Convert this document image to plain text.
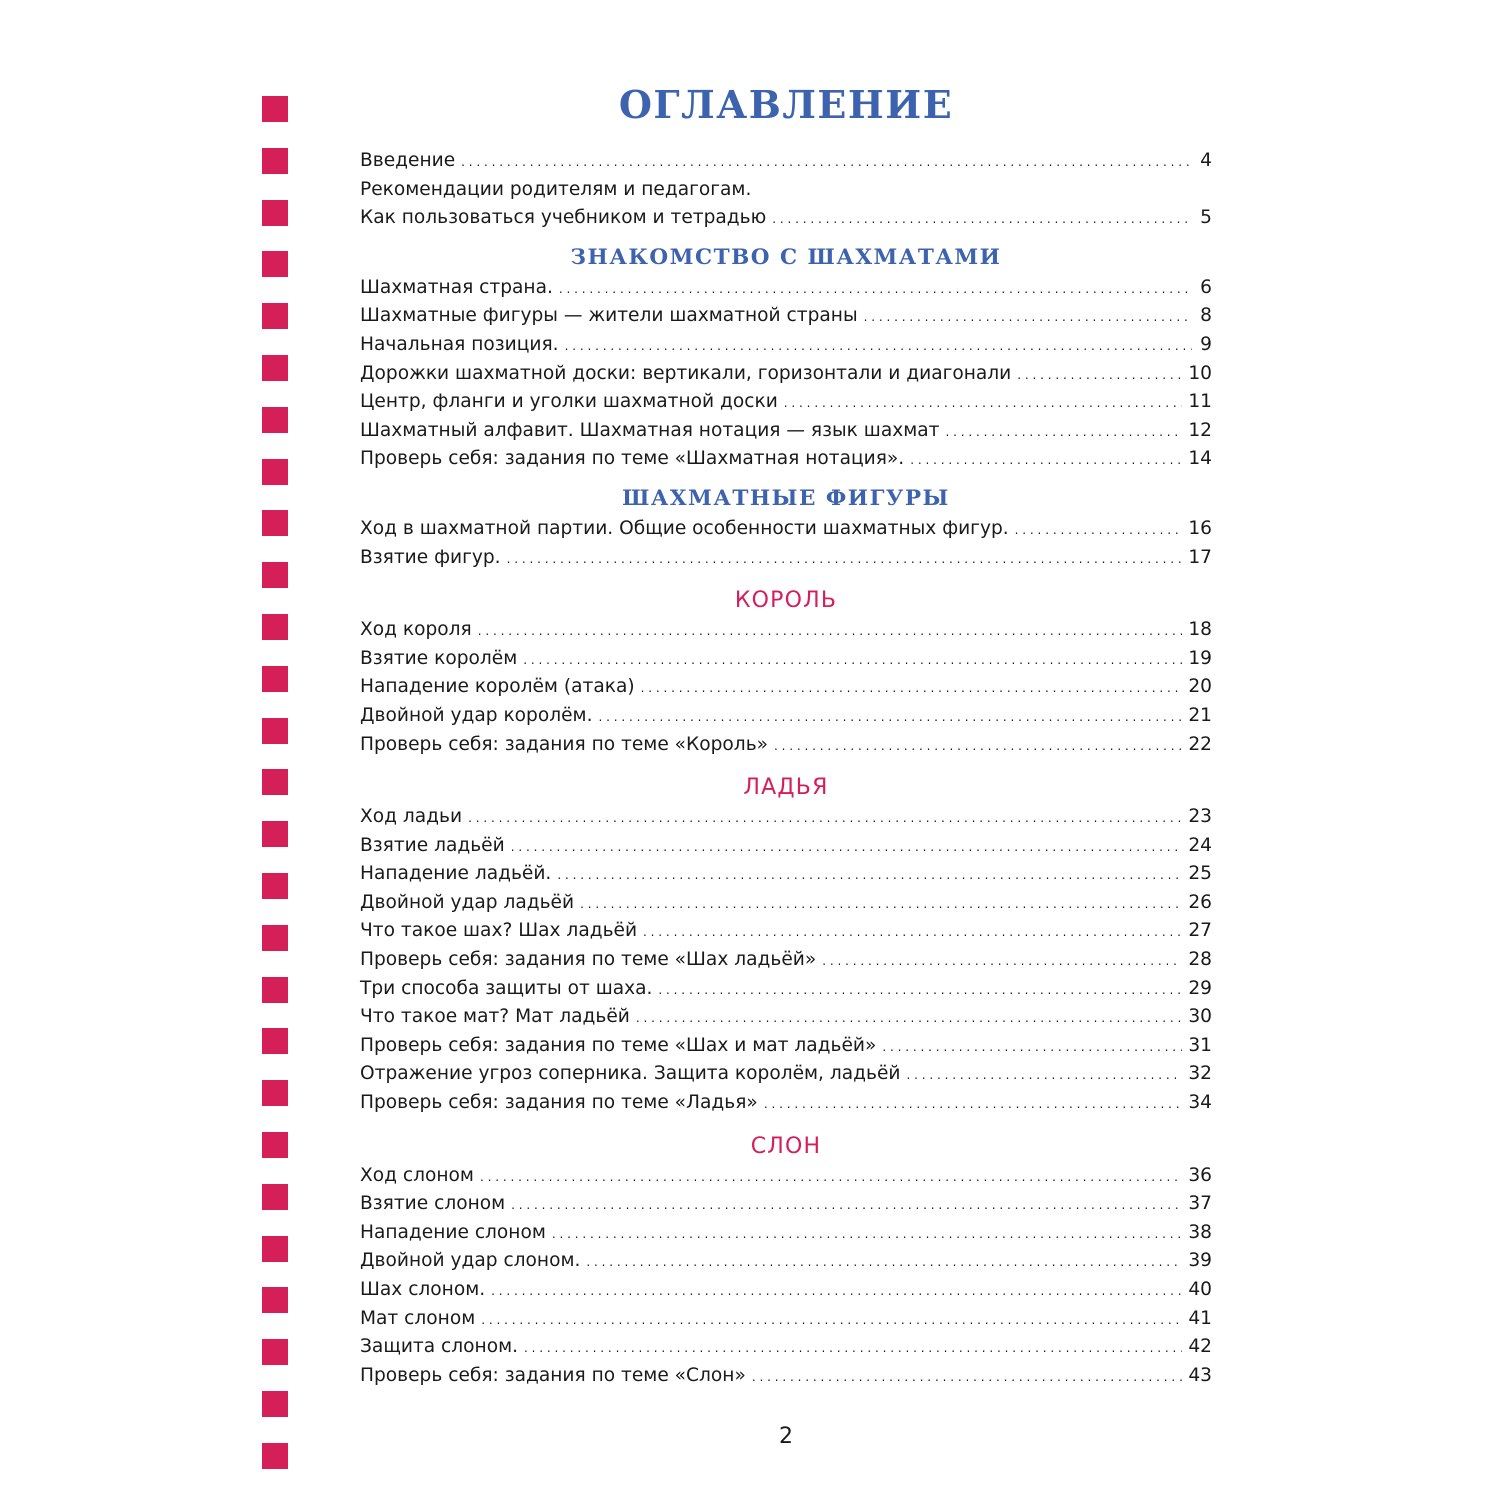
ОГЛАВЛЕНИЕ
Введение . . .	4
Рекомендации родителям и педагогам.
Как пользоваться учебником и тетрадью . . .	5
ЗНАКОМСТВО С ШАХМАТАМИ
Шахматная страна. . . .	6
Шахматные фигуры — жители шахматной страны . . .	8
Начальная позиция. . . .	9
Дорожки шахматной доски: вертикали, горизонтали и диагонали . . .	10
Центр, фланги и уголки шахматной доски . . .	11
Шахматный алфавит. Шахматная нотация — язык шахмат . . .	12
Проверь себя: задания по теме «Шахматная нотация». . . .	14
ШАХМАТНЫЕ ФИГУРЫ
Ход в шахматной партии. Общие особенности шахматных фигур. . . .	16
Взятие фигур. . . .	17
КОРОЛЬ
Ход короля . . .	18
Взятие королём . . .	19
Нападение королём (атака) . . .	20
Двойной удар королём. . . .	21
Проверь себя: задания по теме «Король» . . .	22
ЛАДЬЯ
Ход ладьи . . .	23
Взятие ладьёй . . .	24
Нападение ладьёй. . . .	25
Двойной удар ладьёй . . .	26
Что такое шах? Шах ладьёй . . .	27
Проверь себя: задания по теме «Шах ладьёй» . . .	28
Три способа защиты от шаха. . . .	29
Что такое мат? Мат ладьёй . . .	30
Проверь себя: задания по теме «Шах и мат ладьёй» . . .	31
Отражение угроз соперника. Защита королём, ладьёй . . .	32
Проверь себя: задания по теме «Ладья» . . .	34
СЛОН
Ход слоном . . .	36
Взятие слоном . . .	37
Нападение слоном . . .	38
Двойной удар слоном. . . .	39
Шах слоном. . . .	40
Мат слоном . . .	41
Защита слоном. . . .	42
Проверь себя: задания по теме «Слон» . . .	43
2
